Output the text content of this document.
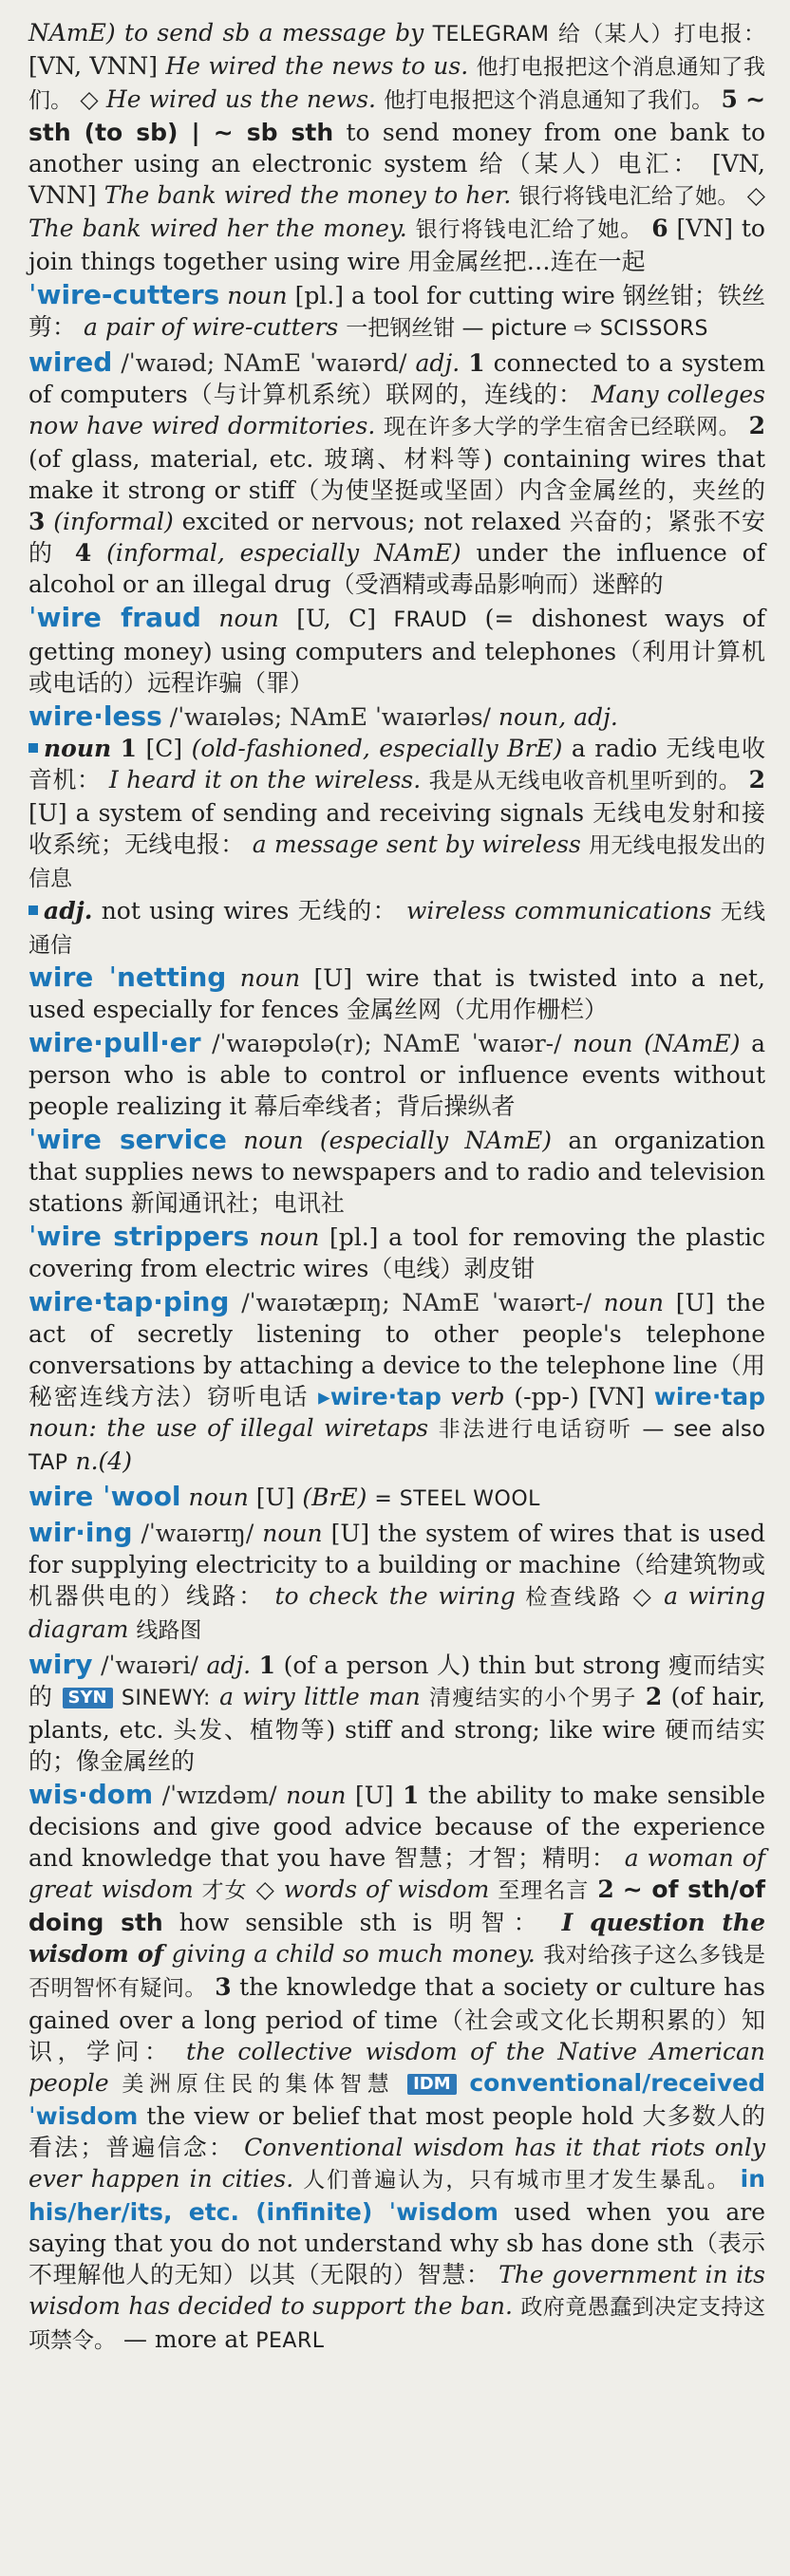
NAmE) to send sb a message by TELEGRAM 给（某人）打电报： [VN, VNN] He wired the news to us. 他打电报把这个消息通知了我们。 ◇ He wired us the news. 他打电报把这个消息通知了我们。 5 ~ sth (to sb) | ~ sb sth to send money from one bank to another using an electronic system 给（某人）电汇： [VN, VNN] The bank wired the money to her. 银行将钱电汇给了她。 ◇ The bank wired her the money. 银行将钱电汇给了她。 6 [VN] to join things together using wire 用金属丝把…连在一起

ˈwire-cutters noun [pl.] a tool for cutting wire 钢丝钳；铁丝剪： a pair of wire-cutters 一把钢丝钳 — picture ⇨ SCISSORS

wired /ˈwaɪəd; NAmE ˈwaɪərd/ adj. 1 connected to a system of computers（与计算机系统）联网的，连线的： Many colleges now have wired dormitories. 现在许多大学的学生宿舍已经联网。 2 (of glass, material, etc. 玻璃、材料等) containing wires that make it strong or stiff（为使坚挺或坚固）内含金属丝的，夹丝的 3 (informal) excited or nervous; not relaxed 兴奋的；紧张不安的 4 (informal, especially NAmE) under the influence of alcohol or an illegal drug（受酒精或毒品影响而）迷醉的

ˈwire fraud noun [U, C] FRAUD (= dishonest ways of getting money) using computers and telephones（利用计算机或电话的）远程诈骗（罪）

wire·less /ˈwaɪələs; NAmE ˈwaɪərləs/ noun, adj.

noun 1 [C] (old-fashioned, especially BrE) a radio 无线电收音机： I heard it on the wireless. 我是从无线电收音机里听到的。 2 [U] a system of sending and receiving signals 无线电发射和接收系统；无线电报： a message sent by wireless 用无线电报发出的信息

adj. not using wires 无线的： wireless communications 无线通信

wire ˈnetting noun [U] wire that is twisted into a net, used especially for fences 金属丝网（尤用作栅栏）

wire·pull·er /ˈwaɪəpʊlə(r); NAmE ˈwaɪər-/ noun (NAmE) a person who is able to control or influence events without people realizing it 幕后牵线者；背后操纵者

ˈwire service noun (especially NAmE) an organization that supplies news to newspapers and to radio and television stations 新闻通讯社；电讯社

ˈwire strippers noun [pl.] a tool for removing the plastic covering from electric wires（电线）剥皮钳

wire·tap·ping /ˈwaɪətæpɪŋ; NAmE ˈwaɪərt-/ noun [U] the act of secretly listening to other people's telephone conversations by attaching a device to the telephone line（用秘密连线方法）窃听电话 ▸wire·tap verb (-pp-) [VN] wire·tap noun: the use of illegal wiretaps 非法进行电话窃听 — see also TAP n.(4)

wire ˈwool noun [U] (BrE) = STEEL WOOL

wir·ing /ˈwaɪərɪŋ/ noun [U] the system of wires that is used for supplying electricity to a building or machine（给建筑物或机器供电的）线路： to check the wiring 检查线路 ◇ a wiring diagram 线路图

wiry /ˈwaɪəri/ adj. 1 (of a person 人) thin but strong 瘦而结实的 SYN SINEWY: a wiry little man 清瘦结实的小个男子 2 (of hair, plants, etc. 头发、植物等) stiff and strong; like wire 硬而结实的；像金属丝的

wis·dom /ˈwɪzdəm/ noun [U] 1 the ability to make sensible decisions and give good advice because of the experience and knowledge that you have 智慧；才智；精明： a woman of great wisdom 才女 ◇ words of wisdom 至理名言 2 ~ of sth/of doing sth how sensible sth is 明智： I question the wisdom of giving a child so much money. 我对给孩子这么多钱是否明智怀有疑问。 3 the knowledge that a society or culture has gained over a long period of time（社会或文化长期积累的）知识，学问： the collective wisdom of the Native American people 美洲原住民的集体智慧 IDM conventional/received ˈwisdom the view or belief that most people hold 大多数人的看法；普遍信念： Conventional wisdom has it that riots only ever happen in cities. 人们普遍认为，只有城市里才发生暴乱。 in his/her/its, etc. (infinite) ˈwisdom used when you are saying that you do not understand why sb has done sth（表示不理解他人的无知）以其（无限的）智慧： The government in its wisdom has decided to support the ban. 政府竟愚蠢到决定支持这项禁令。 — more at PEARL
